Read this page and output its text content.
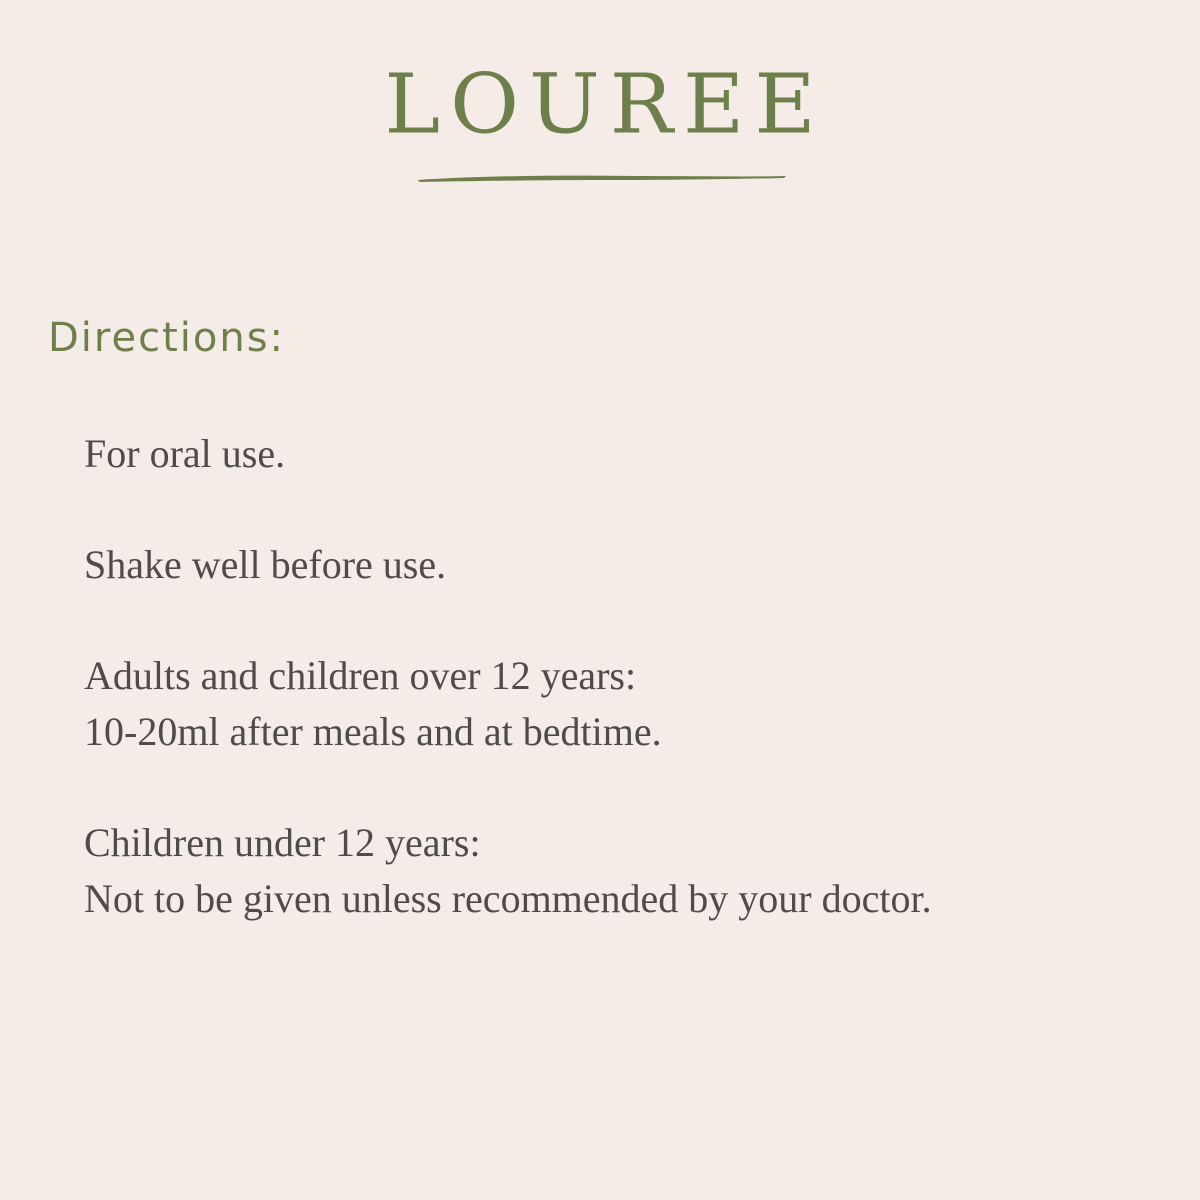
LOUREE
Directions:

For oral use.

Shake well before use.

Adults and children over 12 years:
10-20ml after meals and at bedtime.

Children under 12 years:
Not to be given unless recommended by your doctor.
